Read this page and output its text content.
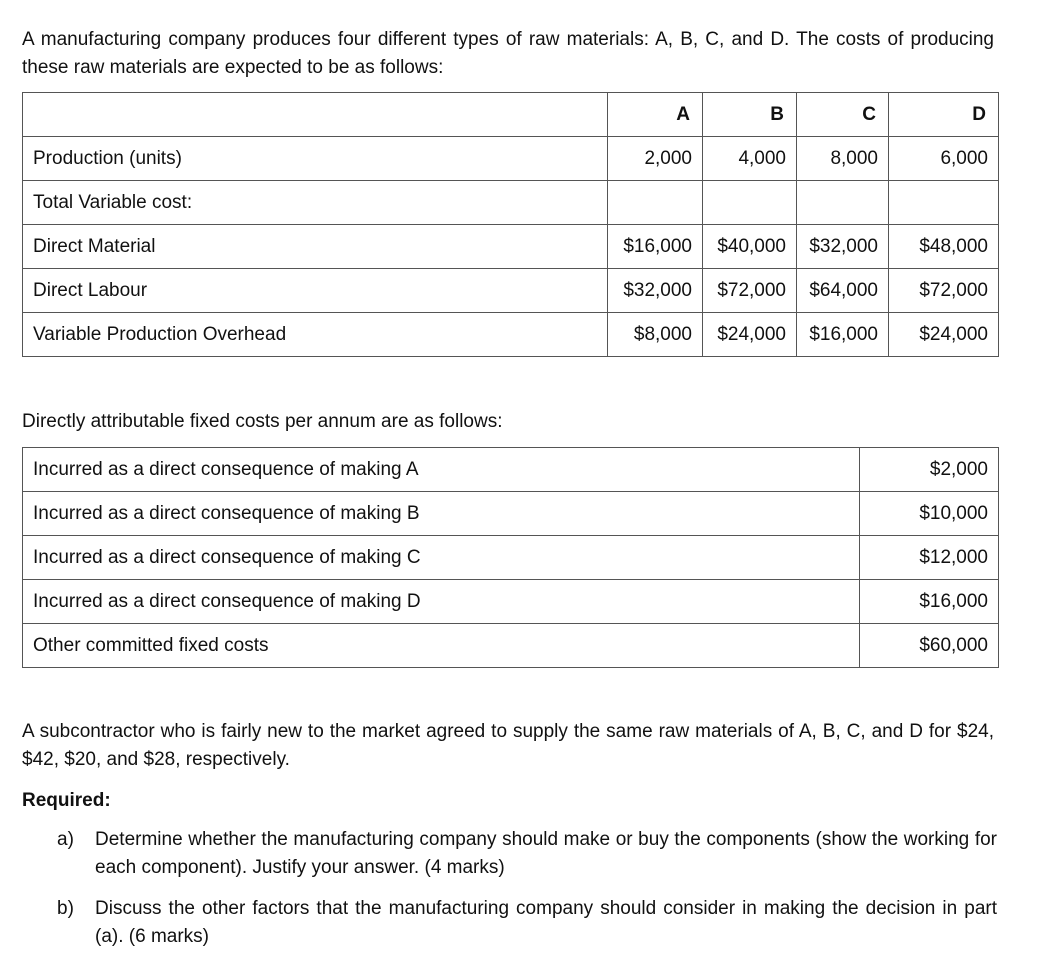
A manufacturing company produces four different types of raw materials: A, B, C, and D. The costs of producing these raw materials are expected to be as follows:

	A	B	C	D
Production (units)	2,000	4,000	8,000	6,000
Total Variable cost:				
Direct Material	$16,000	$40,000	$32,000	$48,000
Direct Labour	$32,000	$72,000	$64,000	$72,000
Variable Production Overhead	$8,000	$24,000	$16,000	$24,000

Directly attributable fixed costs per annum are as follows:

Incurred as a direct consequence of making A	$2,000
Incurred as a direct consequence of making B	$10,000
Incurred as a direct consequence of making C	$12,000
Incurred as a direct consequence of making D	$16,000
Other committed fixed costs	$60,000

A subcontractor who is fairly new to the market agreed to supply the same raw materials of A, B, C, and D for $24, $42, $20, and $28, respectively.

Required:

a) Determine whether the manufacturing company should make or buy the components (show the working for each component). Justify your answer. (4 marks)
b) Discuss the other factors that the manufacturing company should consider in making the decision in part (a). (6 marks)
